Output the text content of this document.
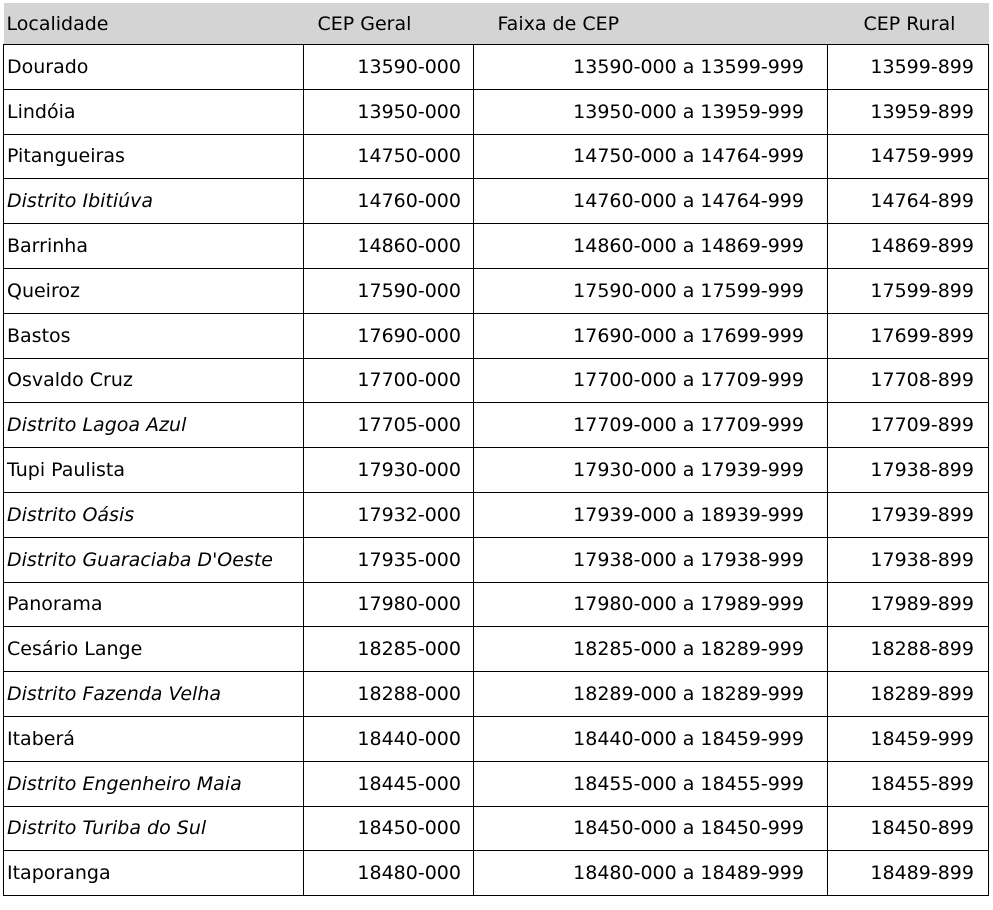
Localidade	CEP Geral	Faixa de CEP	CEP Rural
Dourado	13590-000	13590-000 a 13599-999	13599-899
Lindóia	13950-000	13950-000 a 13959-999	13959-899
Pitangueiras	14750-000	14750-000 a 14764-999	14759-999
Distrito Ibitiúva	14760-000	14760-000 a 14764-999	14764-899
Barrinha	14860-000	14860-000 a 14869-999	14869-899
Queiroz	17590-000	17590-000 a 17599-999	17599-899
Bastos	17690-000	17690-000 a 17699-999	17699-899
Osvaldo Cruz	17700-000	17700-000 a 17709-999	17708-899
Distrito Lagoa Azul	17705-000	17709-000 a 17709-999	17709-899
Tupi Paulista	17930-000	17930-000 a 17939-999	17938-899
Distrito Oásis	17932-000	17939-000 a 18939-999	17939-899
Distrito Guaraciaba D'Oeste	17935-000	17938-000 a 17938-999	17938-899
Panorama	17980-000	17980-000 a 17989-999	17989-899
Cesário Lange	18285-000	18285-000 a 18289-999	18288-899
Distrito Fazenda Velha	18288-000	18289-000 a 18289-999	18289-899
Itaberá	18440-000	18440-000 a 18459-999	18459-999
Distrito Engenheiro Maia	18445-000	18455-000 a 18455-999	18455-899
Distrito Turiba do Sul	18450-000	18450-000 a 18450-999	18450-899
Itaporanga	18480-000	18480-000 a 18489-999	18489-899
